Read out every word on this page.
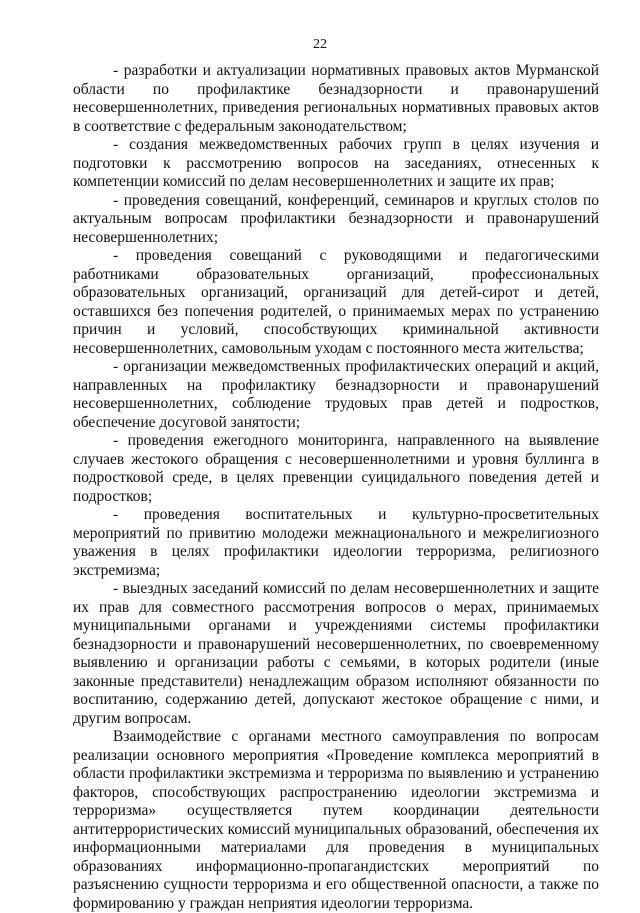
22

- разработки и актуализации нормативных правовых актов Мурманской области по профилактике безнадзорности и правонарушений несовершеннолетних, приведения региональных нормативных правовых актов в соответствие с федеральным законодательством;

- создания межведомственных рабочих групп в целях изучения и подготовки к рассмотрению вопросов на заседаниях, отнесенных к компетенции комиссий по делам несовершеннолетних и защите их прав;

- проведения совещаний, конференций, семинаров и круглых столов по актуальным вопросам профилактики безнадзорности и правонарушений несовершеннолетних;

- проведения совещаний с руководящими и педагогическими работниками образовательных организаций, профессиональных образовательных организаций, организаций для детей-сирот и детей, оставшихся без попечения родителей, о принимаемых мерах по устранению причин и условий, способствующих криминальной активности несовершеннолетних, самовольным уходам с постоянного места жительства;

- организации межведомственных профилактических операций и акций, направленных на профилактику безнадзорности и правонарушений несовершеннолетних, соблюдение трудовых прав детей и подростков, обеспечение досуговой занятости;

- проведения ежегодного мониторинга, направленного на выявление случаев жестокого обращения с несовершеннолетними и уровня буллинга в подростковой среде, в целях превенции суицидального поведения детей и подростков;

- проведения воспитательных и культурно-просветительных мероприятий по привитию молодежи межнационального и межрелигиозного уважения в целях профилактики идеологии терроризма, религиозного экстремизма;

- выездных заседаний комиссий по делам несовершеннолетних и защите их прав для совместного рассмотрения вопросов о мерах, принимаемых муниципальными органами и учреждениями системы профилактики безнадзорности и правонарушений несовершеннолетних, по своевременному выявлению и организации работы с семьями, в которых родители (иные законные представители) ненадлежащим образом исполняют обязанности по воспитанию, содержанию детей, допускают жестокое обращение с ними, и другим вопросам.

Взаимодействие с органами местного самоуправления по вопросам реализации основного мероприятия «Проведение комплекса мероприятий в области профилактики экстремизма и терроризма по выявлению и устранению факторов, способствующих распространению идеологии экстремизма и терроризма» осуществляется путем координации деятельности антитеррористических комиссий муниципальных образований, обеспечения их информационными материалами для проведения в муниципальных образованиях информационно-пропагандистских мероприятий по разъяснению сущности терроризма и его общественной опасности, а также по формированию у граждан неприятия идеологии терроризма.
